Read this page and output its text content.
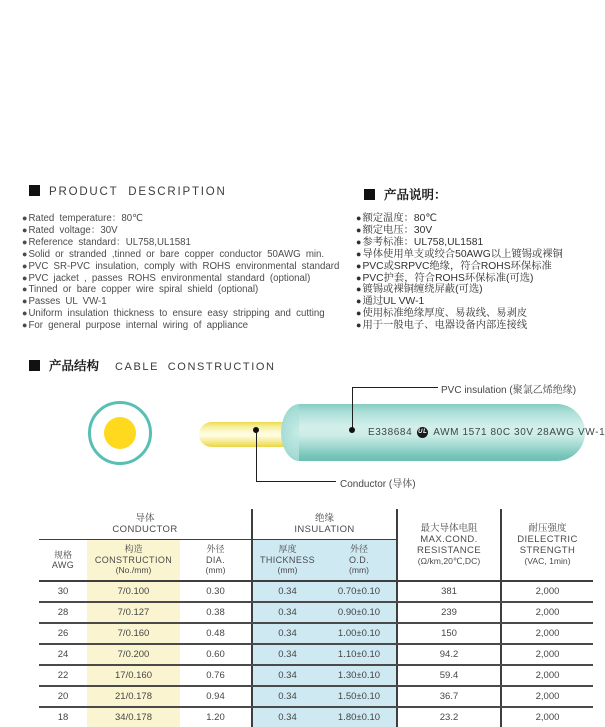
PRODUCT DESCRIPTION	产品说明：
● Rated temperature：80℃
● Rated voltage：30V
● Reference standard：UL758,UL1581
● Solid or stranded ,tinned or bare copper conductor 50AWG min.
● PVC SR-PVC insulation, comply with ROHS environmental standard
● PVC jacket , passes ROHS environmental standard (optional)
● Tinned or bare copper wire spiral shield (optional)
● Passes UL VW-1
● Uniform insulation thickness to ensure easy stripping and cutting
● For general purpose internal wiring of appliance
● 额定温度：80℃
● 额定电压：30V
● 参考标准：UL758,UL1581
● 导体使用单支或绞合50AWG以上镀锡或裸铜
● PVC或SRPVC绝缘，符合ROHS环保标准
● PVC护套，符合ROHS环保标准(可选)
● 镀锡或裸铜缠绕屏蔽(可选)
● 通过UL VW-1
● 使用标准绝缘厚度、易裁线、易剥皮
● 用于一般电子、电器设备内部连接线
产品结构 CABLE CONSTRUCTION
E338684 UL AWM 1571 80C 30V 28AWG VW-1
PVC insulation (聚氯乙烯绝缘)
Conductor (导体)
导体
CONDUCTOR			绝缘
INSULATION		最大导体电阻
MAX.COND.
RESISTANCE
(Ω/km,20℃,DC)	耐压强度
DIELECTRIC
STRENGTH
(VAC, 1min)

规格
AWG	构造
CONSTRUCTION
(No./mm)	外径
DIA.
(mm)	厚度
THICKNESS
(mm)	外径
O.D.
(mm)		

30	7/0.100	0.30	0.34	0.70±0.10	381	2,000
28	7/0.127	0.38	0.34	0.90±0.10	239	2,000
26	7/0.160	0.48	0.34	1.00±0.10	150	2,000
24	7/0.200	0.60	0.34	1.10±0.10	94.2	2,000
22	17/0.160	0.76	0.34	1.30±0.10	59.4	2,000
20	21/0.178	0.94	0.34	1.50±0.10	36.7	2,000
18	34/0.178	1.20	0.34	1.80±0.10	23.2	2,000
